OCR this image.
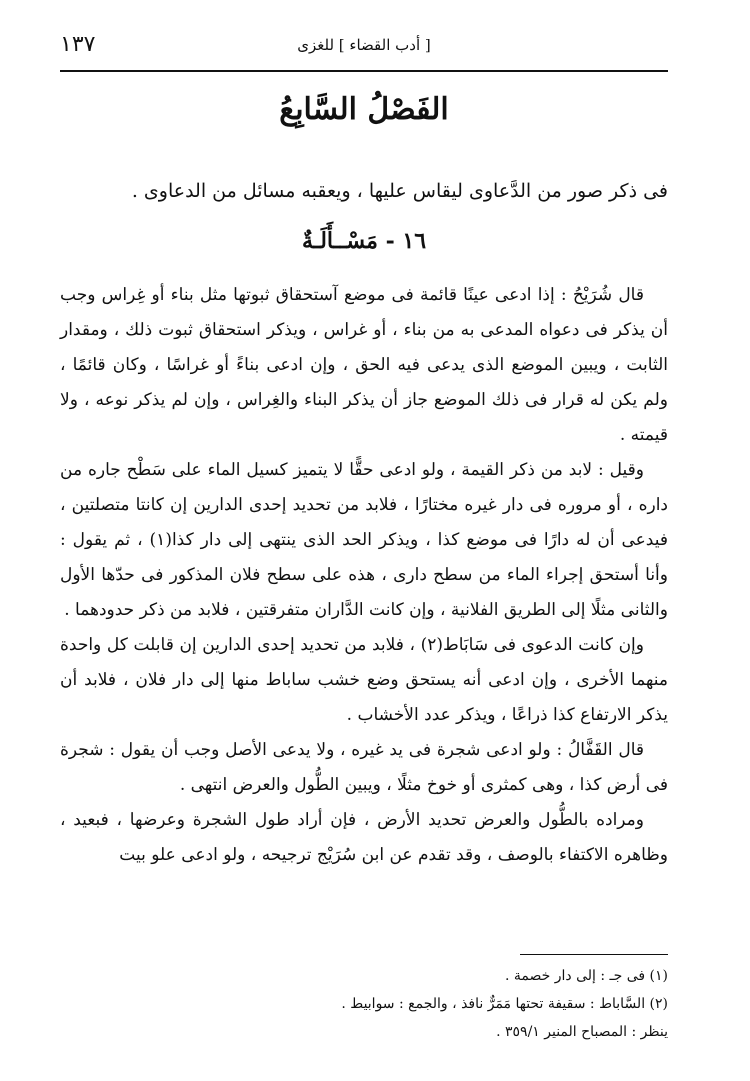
١٣٧	[ أدب القضاء ] للغزى
الفَصْلُ السَّابِعُ
فى ذكر صور من الدَّعاوى ليقاس عليها ، ويعقبه مسائل من الدعاوى .
١٦ - مَسْــأَلَـةٌ

قال شُرَيْحُ : إذا ادعى عينًا قائمة فى موضع آستحقاق ثبوتها مثل بناء أو غِراس وجب أن يذكر فى دعواه المدعى به من بناء ، أو غراس ، ويذكر استحقاق ثبوت ذلك ، ومقدار الثابت ، ويبين الموضع الذى يدعى فيه الحق ، وإن ادعى بناءً أو غراسًا ، وكان قائمًا ، ولم يكن له قرار فى ذلك الموضع جاز أن يذكر البناء والغِراس ، وإن لم يذكر نوعه ، ولا قيمته .

وقيل : لابد من ذكر القيمة ، ولو ادعى حقًّا لا يتميز كسيل الماء على سَطْح جاره من داره ، أو مروره فى دار غيره مختارًا ، فلابد من تحديد إحدى الدارين إن كانتا متصلتين ، فيدعى أن له دارًا فى موضع كذا ، ويذكر الحد الذى ينتهى إلى دار كذا(١) ، ثم يقول : وأنا أستحق إجراء الماء من سطح دارى ، هذه على سطح فلان المذكور فى حدّها الأول والثانى مثلًا إلى الطريق الفلانية ، وإن كانت الدَّاران متفرقتين ، فلابد من ذكر حدودهما .

وإن كانت الدعوى فى سَابَاط(٢) ، فلابد من تحديد إحدى الدارين إن قابلت كل واحدة منهما الأخرى ، وإن ادعى أنه يستحق وضع خشب ساباط منها إلى دار فلان ، فلابد أن يذكر الارتفاع كذا ذراعًا ، ويذكر عدد الأخشاب .

قال القَفَّالُ : ولو ادعى شجرة فى يد غيره ، ولا يدعى الأصل وجب أن يقول : شجرة فى أرض كذا ، وهى كمثرى أو خوخ مثلًا ، ويبين الطُّول والعرض انتهى .

ومراده بالطُّول والعرض تحديد الأرض ، فإن أراد طول الشجرة وعرضها ، فبعيد ، وظاهره الاكتفاء بالوصف ، وقد تقدم عن ابن سُرَيْج ترجيحه ، ولو ادعى علو بيت

(١) فى جـ : إلى دار خصمة .
(٢) السَّاباط : سقيفة تحتها مَمَرٌّ نافذ ، والجمع : سوابيط .
ينظر : المصباح المنير ٣٥٩/١ .
